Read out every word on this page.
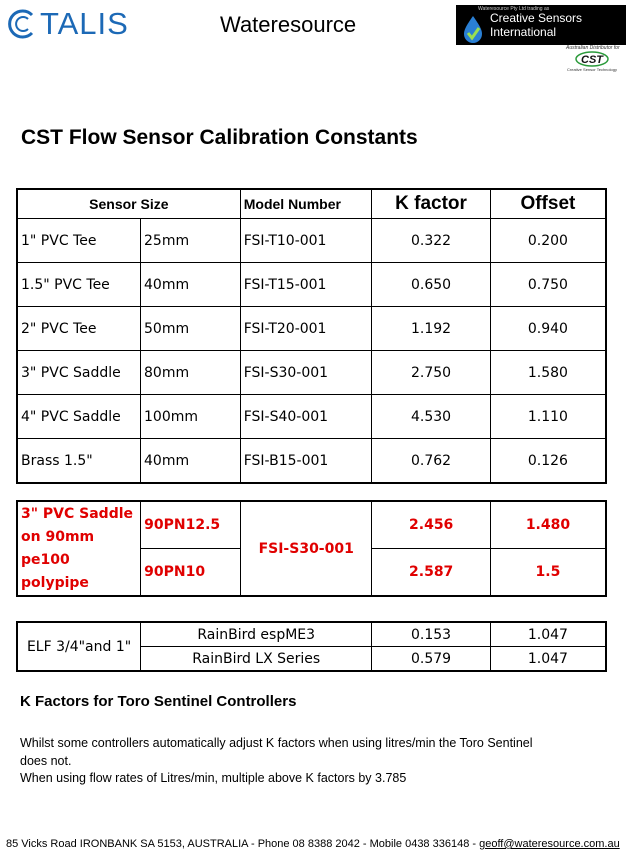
TALIS	Wateresource
Wateresource Pty Ltd trading as
Creative Sensors International
Australian Distributor for
CST
Creative Sensor Technology
CST Flow Sensor Calibration Constants
Sensor Size		Model Number	K factor	Offset
1" PVC Tee	25mm	FSI-T10-001	0.322	0.200
1.5" PVC Tee	40mm	FSI-T15-001	0.650	0.750
2" PVC Tee	50mm	FSI-T20-001	1.192	0.940
3" PVC Saddle	80mm	FSI-S30-001	2.750	1.580
4" PVC Saddle	100mm	FSI-S40-001	4.530	1.110
Brass 1.5"	40mm	FSI-B15-001	0.762	0.126
3" PVC Saddle
on 90mm pe100
polypipe	90PN12.5	FSI-S30-001	2.456	1.480
	90PN10		2.587	1.5
ELF 3/4"and 1"	RainBird espME3	0.153	1.047
	RainBird LX Series	0.579	1.047
K Factors for Toro Sentinel Controllers
Whilst some controllers automatically adjust K factors when using litres/min the Toro Sentinel does not.
When using flow rates of Litres/min, multiple above K factors by 3.785
85 Vicks Road IRONBANK SA 5153, AUSTRALIA - Phone 08 8388 2042 - Mobile 0438 336148 - geoff@wateresource.com.au
